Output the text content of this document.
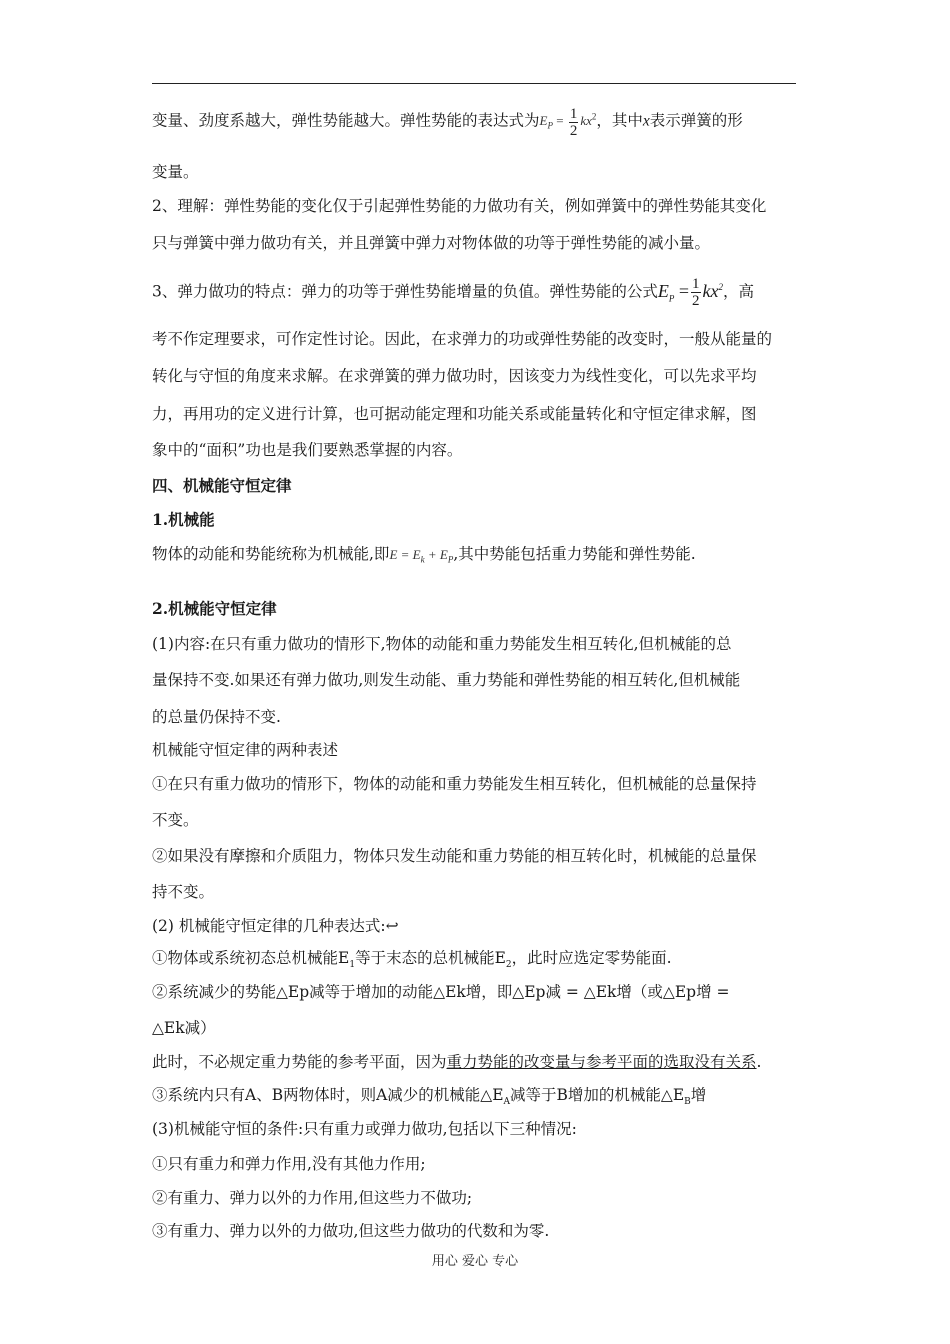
变量、劲度系越大，弹性势能越大。弹性势能的表达式为$E_P = \frac{1}{2} kx^2$，其中x表示弹簧的形
变量。
2、理解：弹性势能的变化仅于引起弹性势能的力做功有关，例如弹簧中的弹性势能其变化
只与弹簧中弹力做功有关，并且弹簧中弹力对物体做的功等于弹性势能的减小量。
3、弹力做功的特点：弹力的功等于弹性势能增量的负值。弹性势能的公式$E_P = \frac{1}{2} kx^2$，高
考不作定理要求，可作定性讨论。因此，在求弹力的功或弹性势能的改变时，一般从能量的
转化与守恒的角度来求解。在求弹簧的弹力做功时，因该变力为线性变化，可以先求平均
力，再用功的定义进行计算，也可据动能定理和功能关系或能量转化和守恒定律求解，图
象中的“面积”功也是我们要熟悉掌握的内容。
四、机械能守恒定律
1.机械能
物体的动能和势能统称为机械能,即$E = E_k + E_P$,其中势能包括重力势能和弹性势能.
2.机械能守恒定律
(1)内容:在只有重力做功的情形下,物体的动能和重力势能发生相互转化,但机械能的总
量保持不变.如果还有弹力做功,则发生动能、重力势能和弹性势能的相互转化,但机械能
的总量仍保持不变.
机械能守恒定律的两种表述
①在只有重力做功的情形下，物体的动能和重力势能发生相互转化，但机械能的总量保持
不变。
②如果没有摩擦和介质阻力，物体只发生动能和重力势能的相互转化时，机械能的总量保
持不变。
(2) 机械能守恒定律的几种表达式:↩
①物体或系统初态总机械能$E_1$等于末态的总机械能$E_2$，此时应选定零势能面.
②系统减少的势能△Ep减等于增加的动能△Ek增，即△Ep减 = △Ek增（或△Ep增 =
△Ek减）
此时，不必规定重力势能的参考平面，因为重力势能的改变量与参考平面的选取没有关系.
③系统内只有A、B两物体时，则A减少的机械能$\triangle E_A$减等于B增加的机械能$\triangle E_B$增
(3)机械能守恒的条件:只有重力或弹力做功,包括以下三种情况:
①只有重力和弹力作用,没有其他力作用;
②有重力、弹力以外的力作用,但这些力不做功;
③有重力、弹力以外的力做功,但这些力做功的代数和为零.
用心 爱心 专心
